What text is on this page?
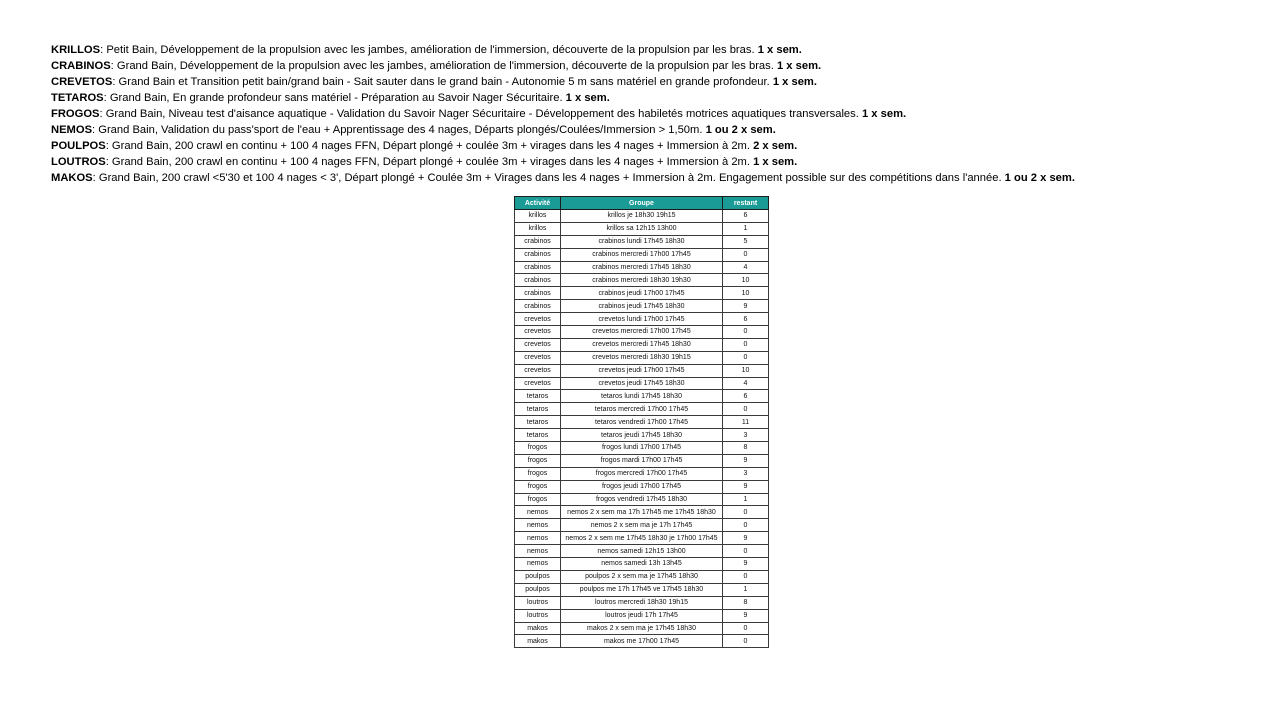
KRILLOS: Petit Bain, Développement de la propulsion avec les jambes, amélioration de l'immersion, découverte de la propulsion par les bras. 1 x sem.
CRABINOS: Grand Bain, Développement de la propulsion avec les jambes, amélioration de l'immersion, découverte de la propulsion par les bras. 1 x sem.
CREVETOS: Grand Bain et Transition petit bain/grand bain - Sait sauter dans le grand bain - Autonomie 5 m sans matériel en grande profondeur. 1 x sem.
TETAROS: Grand Bain, En grande profondeur sans matériel - Préparation au Savoir Nager Sécuritaire. 1 x sem.
FROGOS: Grand Bain, Niveau test d'aisance aquatique - Validation du Savoir Nager Sécuritaire - Développement des habiletés motrices aquatiques transversales. 1 x sem.
NEMOS: Grand Bain, Validation du pass'sport de l'eau + Apprentissage des 4 nages, Départs plongés/Coulées/Immersion > 1,50m. 1 ou 2 x sem.
POULPOS: Grand Bain, 200 crawl en continu + 100 4 nages FFN, Départ plongé + coulée 3m + virages dans les 4 nages + Immersion à 2m. 2 x sem.
LOUTROS: Grand Bain, 200 crawl en continu + 100 4 nages FFN, Départ plongé + coulée 3m + virages dans les 4 nages + Immersion à 2m. 1 x sem.
MAKOS: Grand Bain, 200 crawl <5'30 et 100 4 nages < 3', Départ plongé + Coulée 3m + Virages dans les 4 nages + Immersion à 2m. Engagement possible sur des compétitions dans l'année. 1 ou 2 x sem.
Activité	Groupe	restant
krillos	krillos je 18h30 19h15	6
krillos	krillos sa 12h15 13h00	1
crabinos	crabinos lundi 17h45 18h30	5
crabinos	crabinos mercredi 17h00 17h45	0
crabinos	crabinos mercredi 17h45 18h30	4
crabinos	crabinos mercredi 18h30 19h30	10
crabinos	crabinos jeudi 17h00 17h45	10
crabinos	crabinos jeudi 17h45 18h30	9
crevetos	crevetos lundi 17h00 17h45	6
crevetos	crevetos mercredi 17h00 17h45	0
crevetos	crevetos mercredi 17h45 18h30	0
crevetos	crevetos mercredi 18h30 19h15	0
crevetos	crevetos jeudi 17h00 17h45	10
crevetos	crevetos jeudi 17h45 18h30	4
tetaros	tetaros lundi 17h45 18h30	6
tetaros	tetaros mercredi 17h00 17h45	0
tetaros	tetaros vendredi 17h00 17h45	11
tetaros	tetaros jeudi 17h45 18h30	3
frogos	frogos lundi 17h00 17h45	8
frogos	frogos mardi 17h00 17h45	9
frogos	frogos mercredi 17h00 17h45	3
frogos	frogos jeudi 17h00 17h45	9
frogos	frogos vendredi 17h45 18h30	1
nemos	nemos 2 x sem ma 17h 17h45 me 17h45 18h30	0
nemos	nemos 2 x sem ma je 17h 17h45	0
nemos	nemos 2 x sem me 17h45 18h30 je 17h00 17h45	9
nemos	nemos samedi 12h15 13h00	0
nemos	nemos samedi 13h 13h45	9
poulpos	poulpos 2 x sem ma je 17h45 18h30	0
poulpos	poulpos me 17h 17h45 ve 17h45 18h30	1
loutros	loutros mercredi 18h30 19h15	8
loutros	loutros jeudi 17h 17h45	9
makos	makos 2 x sem ma je 17h45 18h30	0
makos	makos me 17h00 17h45	0
